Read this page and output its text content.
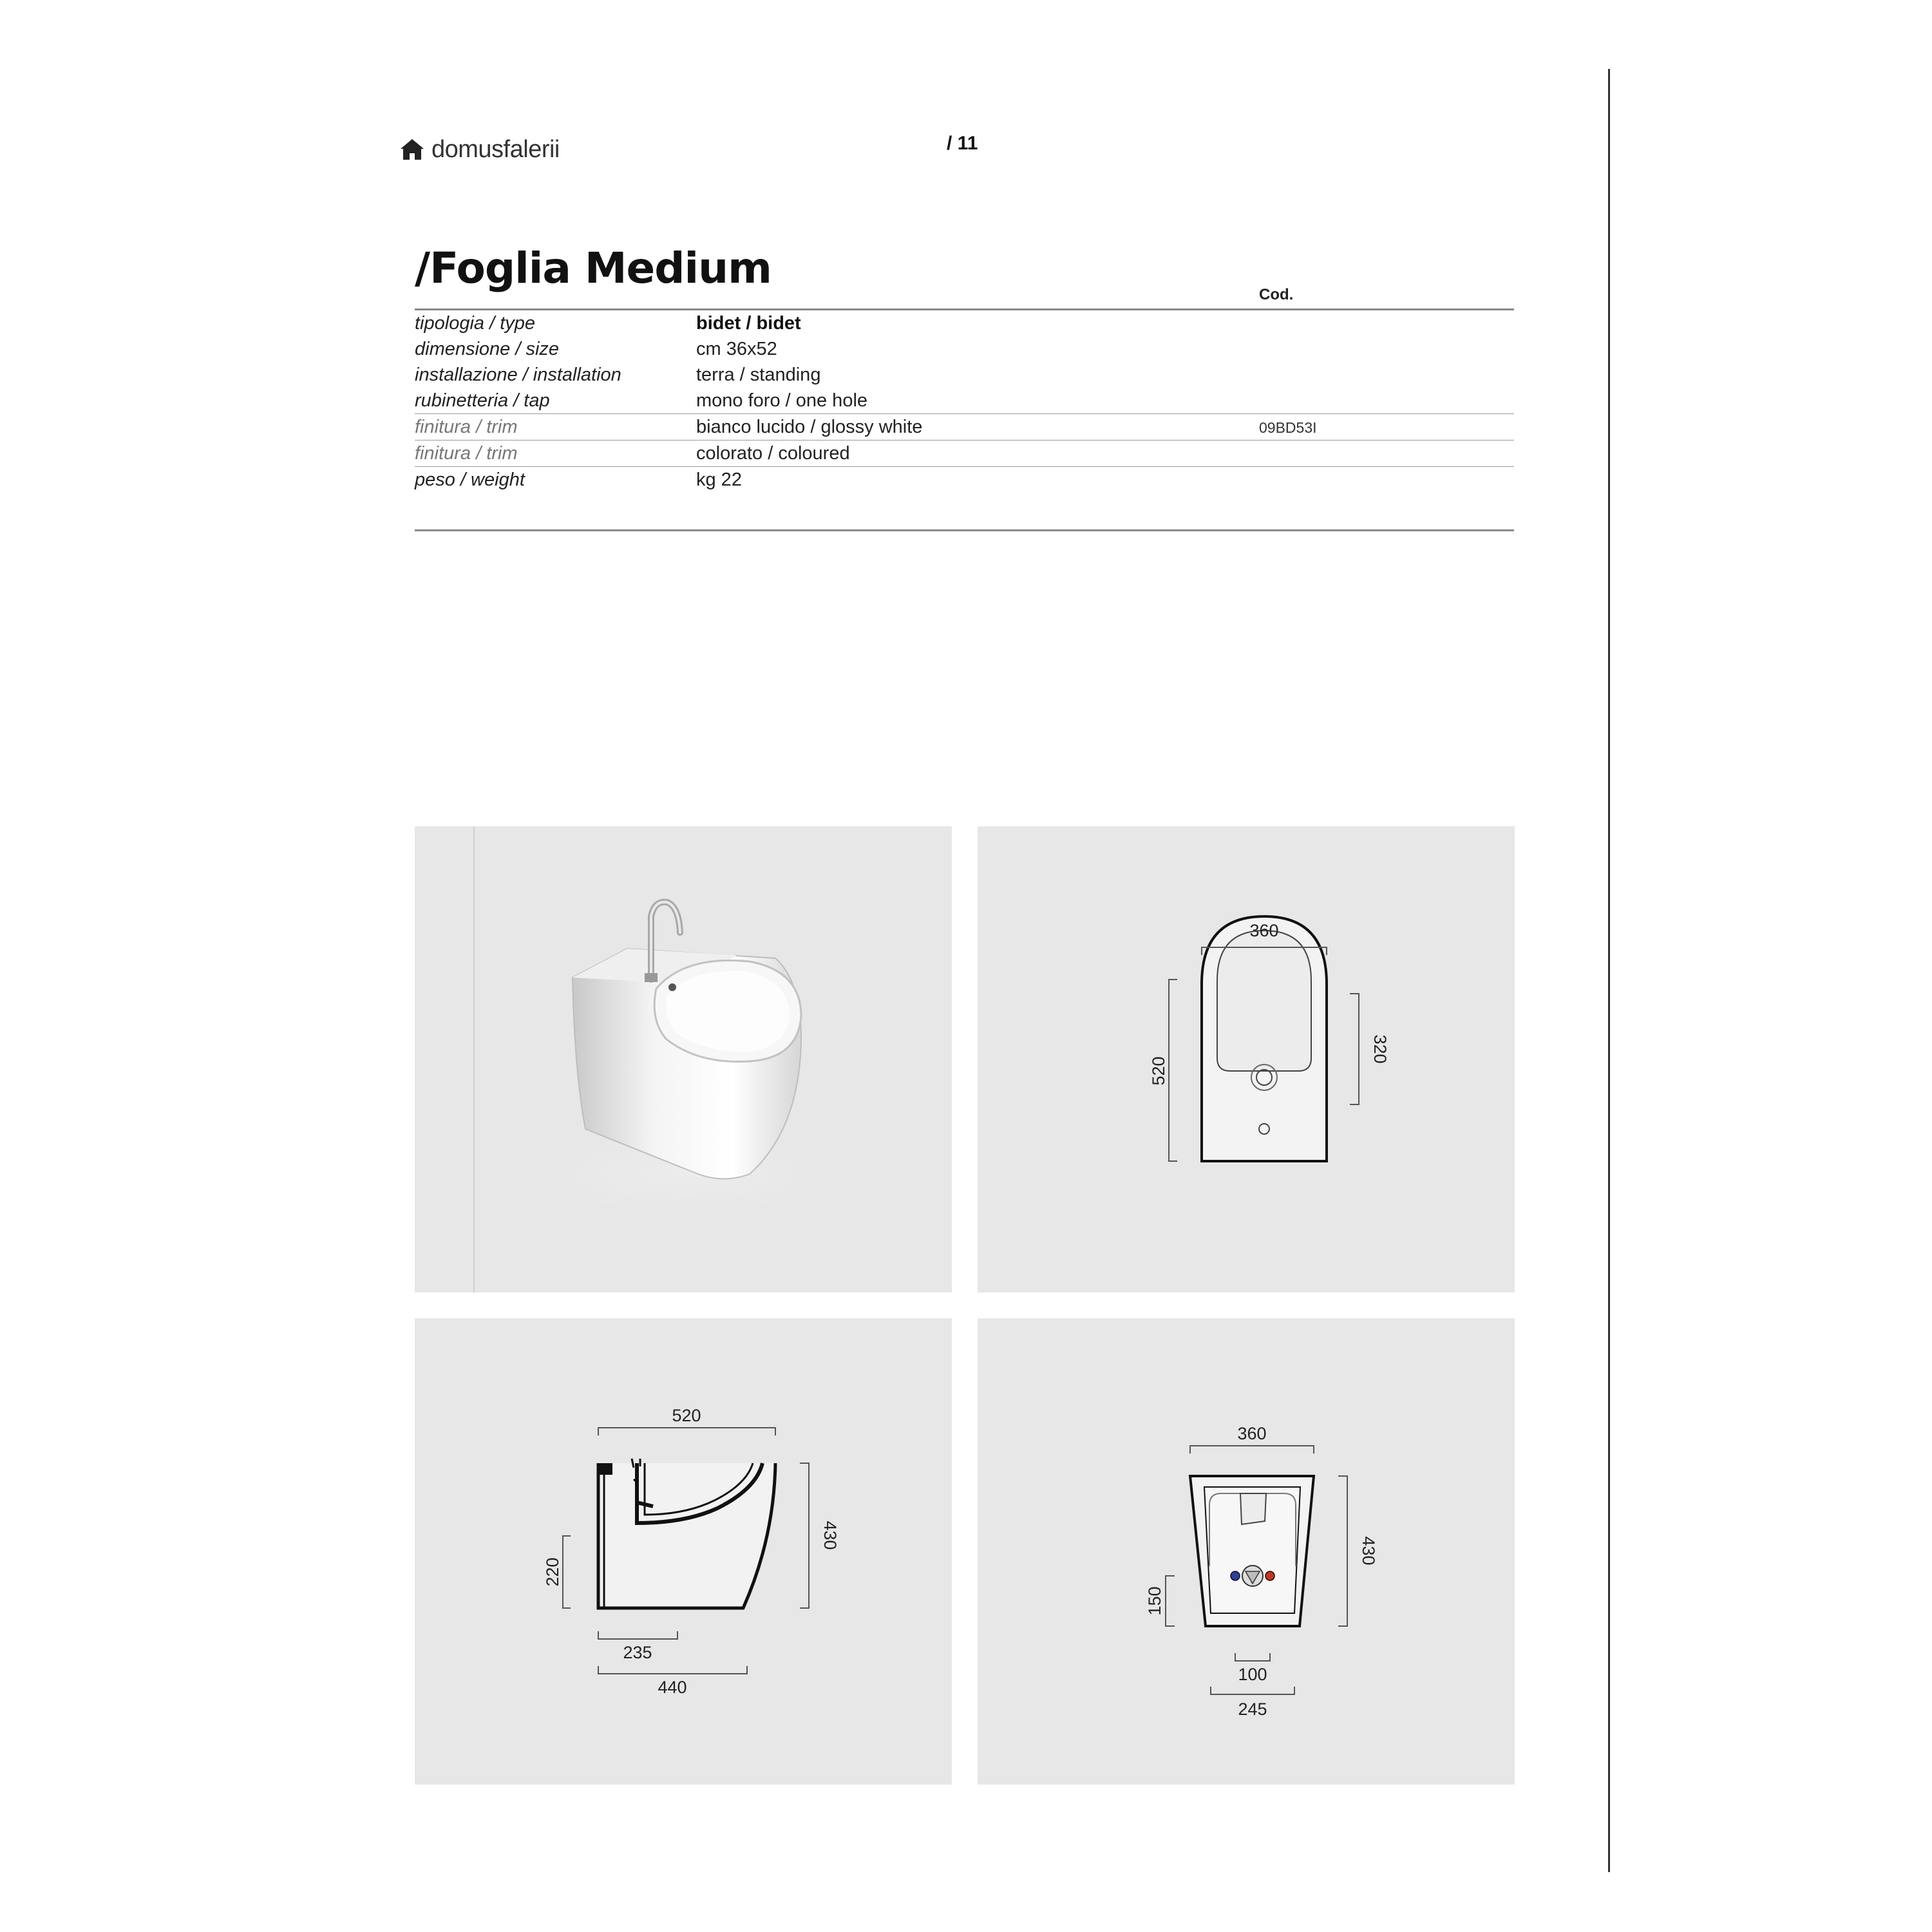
domusfalerii	/ 11
/Foglia Medium
Cod.
tipologia / type	bidet / bidet
dimensione / size	cm 36x52
installazione / installation	terra / standing
rubinetteria / tap	mono foro / one hole
finitura / trim	bianco lucido / glossy white	09BD53I
finitura / trim	colorato / coloured
peso / weight	kg 22
360
520
320
520
430
220
235
440
360
430
150
100
245
